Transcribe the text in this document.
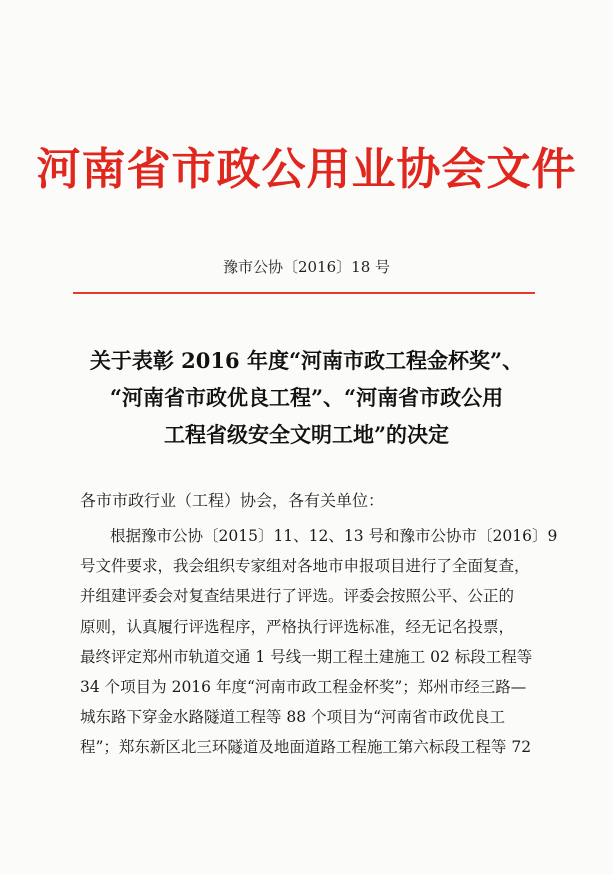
河南省市政公用业协会文件
豫市公协〔2016〕18 号
关于表彰 2016 年度“河南市政工程金杯奖”、
“河南省市政优良工程”、“河南省市政公用
工程省级安全文明工地”的决定
各市市政行业（工程）协会，各有关单位：
根据豫市公协〔2015〕11、12、13 号和豫市公协市〔2016〕9
号文件要求，我会组织专家组对各地市申报项目进行了全面复查，
并组建评委会对复查结果进行了评选。评委会按照公平、公正的
原则，认真履行评选程序，严格执行评选标准，经无记名投票，
最终评定郑州市轨道交通 1 号线一期工程土建施工 02 标段工程等
34 个项目为 2016 年度“河南市政工程金杯奖”；郑州市经三路—
城东路下穿金水路隧道工程等 88 个项目为“河南省市政优良工
程”；郑东新区北三环隧道及地面道路工程施工第六标段工程等 72
